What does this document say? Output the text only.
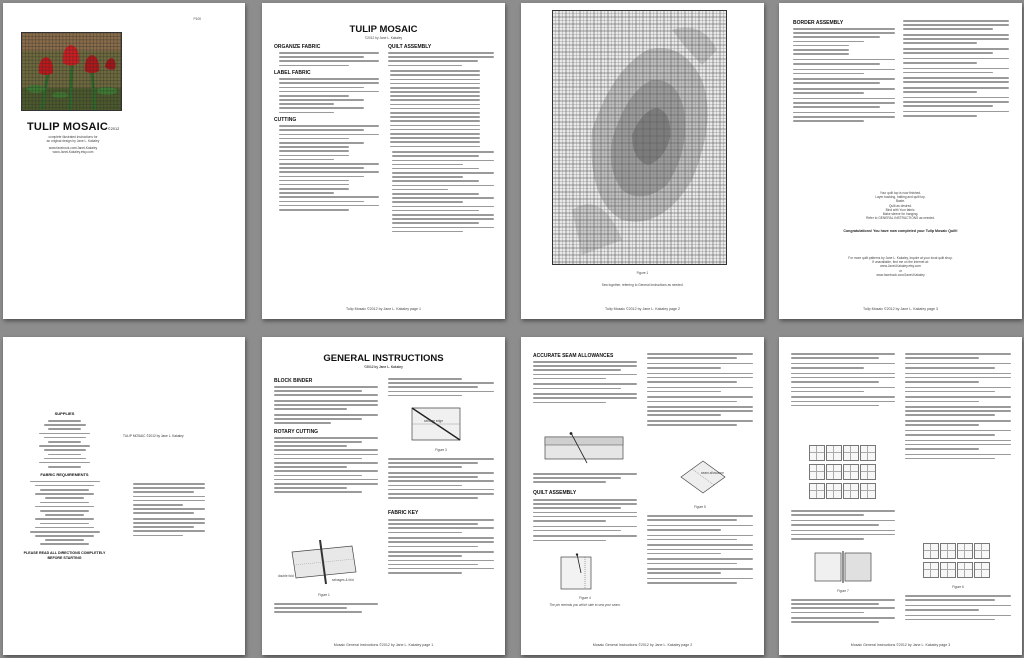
P100
TULIP MOSAIC©2012
complete illustrated instructions for
an original design by Jane L. Kakaley
www.facebook.com/JaneLKakaley
www.JaneLKakaley.etsy.com
TULIP MOSAIC
©2012 by Jane L. Kakaley
ORGANIZE FABRIC
LABEL FABRIC
CUTTING
QUILT ASSEMBLY
Tulip Mosaic ©2012 by Jane L. Kakaley page 1
Figure 1
Sew together, referring to General Instructions as needed.
Tulip Mosaic ©2012 by Jane L. Kakaley page 2
BORDER ASSEMBLY
Your quilt top is now finished.
Layer backing, batting and quilt top.
Baste.
Quilt as desired.
Bind with Your fabric.
Make sleeve for hanging.
Refer to GENERAL INSTRUCTIONS as needed.
Congratulations! You have now completed your Tulip Mosaic Quilt!
For more quilt patterns by Jane L. Kakaley, inquire at your local quilt shop.
If unavailable, find me on the internet at:
www.JaneLKakaley.etsy.com
or
www.facebook.com/JaneLKakaley
Tulip Mosaic ©2012 by Jane L. Kakaley page 3
SUPPLIES
FABRIC REQUIREMENTS
PLEASE READ ALL DIRECTIONS COMPLETELY BEFORE STARTING
TULIP MOSAIC ©2012 by Jane L. Kakaley
GENERAL INSTRUCTIONS
©2012 by Jane L. Kakaley
BLOCK BINDER
ROTARY CUTTING
double fold
selvages & fold
Figure 1
selvage edge
Figure 3
FABRIC KEY
Mosaic General Instructions ©2012 by Jane L. Kakaley page 1
ACCURATE SEAM ALLOWANCES
QUILT ASSEMBLY
Figure 4
The pin reminds you which side to sew your seam.
seam allowance
Figure 5
Mosaic General Instructions ©2012 by Jane L. Kakaley page 2
Figure 7
Figure 6
Mosaic General Instructions ©2012 by Jane L. Kakaley page 3
